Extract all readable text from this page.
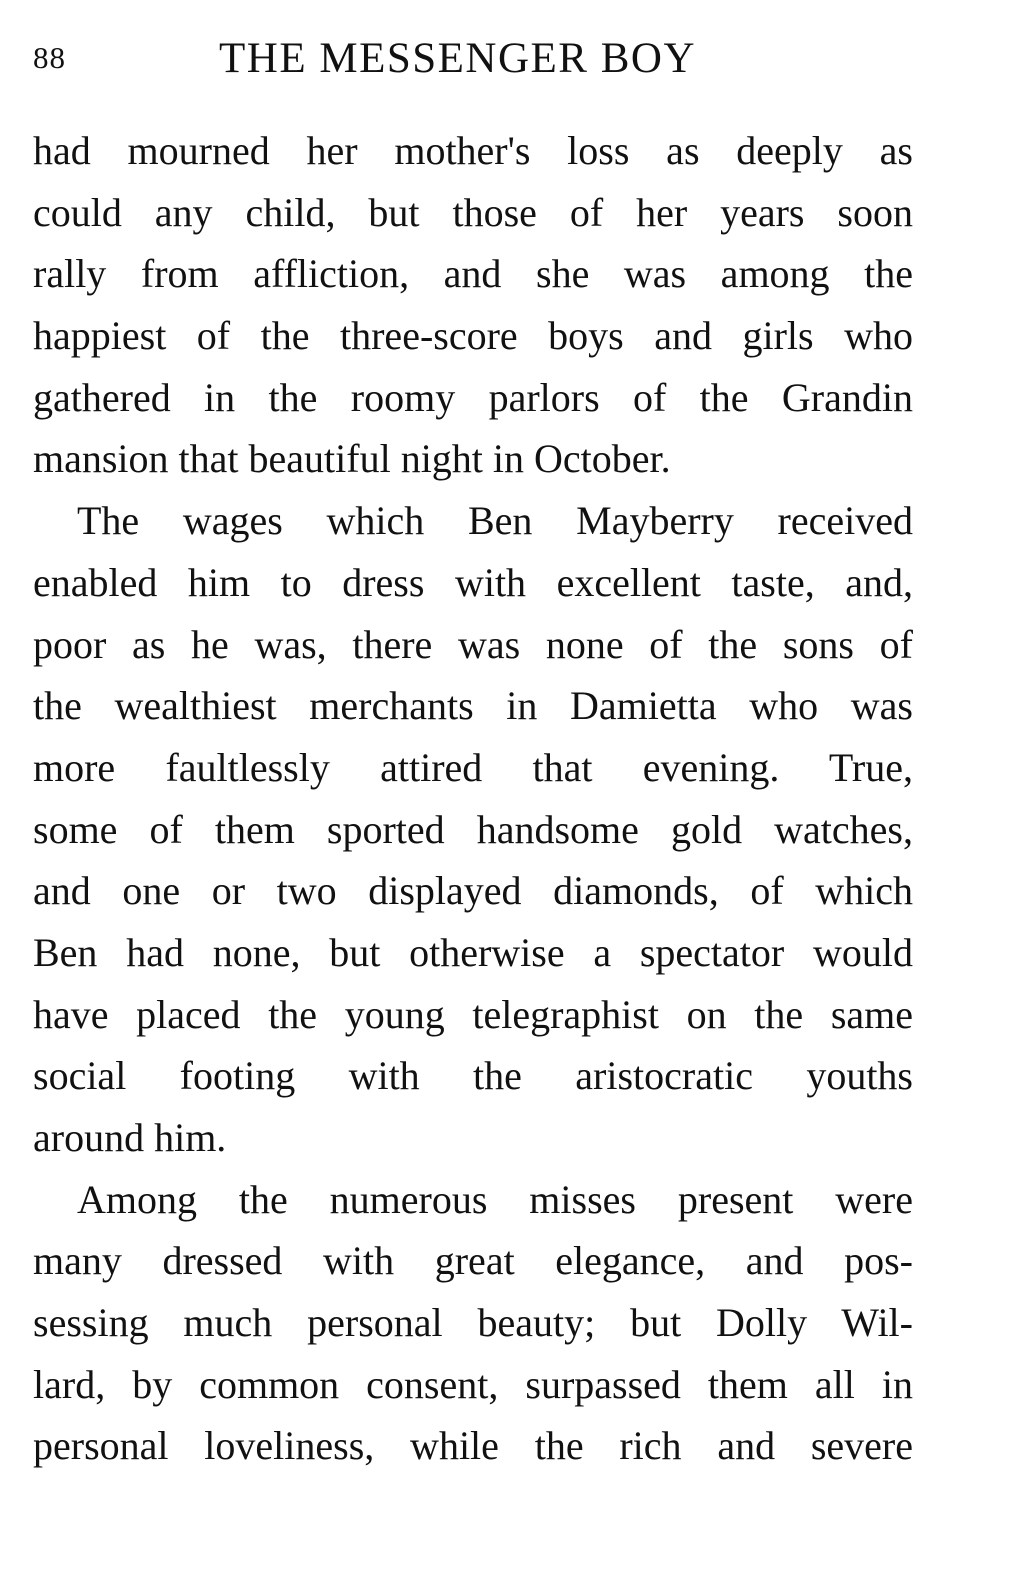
88	THE MESSENGER BOY
had mourned her mother's loss as deeply as
could any child, but those of her years soon
rally from affliction, and she was among the
happiest of the three-score boys and girls who
gathered in the roomy parlors of the Grandin
mansion that beautiful night in October.
The wages which Ben Mayberry received
enabled him to dress with excellent taste, and,
poor as he was, there was none of the sons of
the wealthiest merchants in Damietta who was
more faultlessly attired that evening. True,
some of them sported handsome gold watches,
and one or two displayed diamonds, of which
Ben had none, but otherwise a spectator would
have placed the young telegraphist on the same
social footing with the aristocratic youths
around him.
Among the numerous misses present were
many dressed with great elegance, and pos-
sessing much personal beauty; but Dolly Wil-
lard, by common consent, surpassed them all in
personal loveliness, while the rich and severe
